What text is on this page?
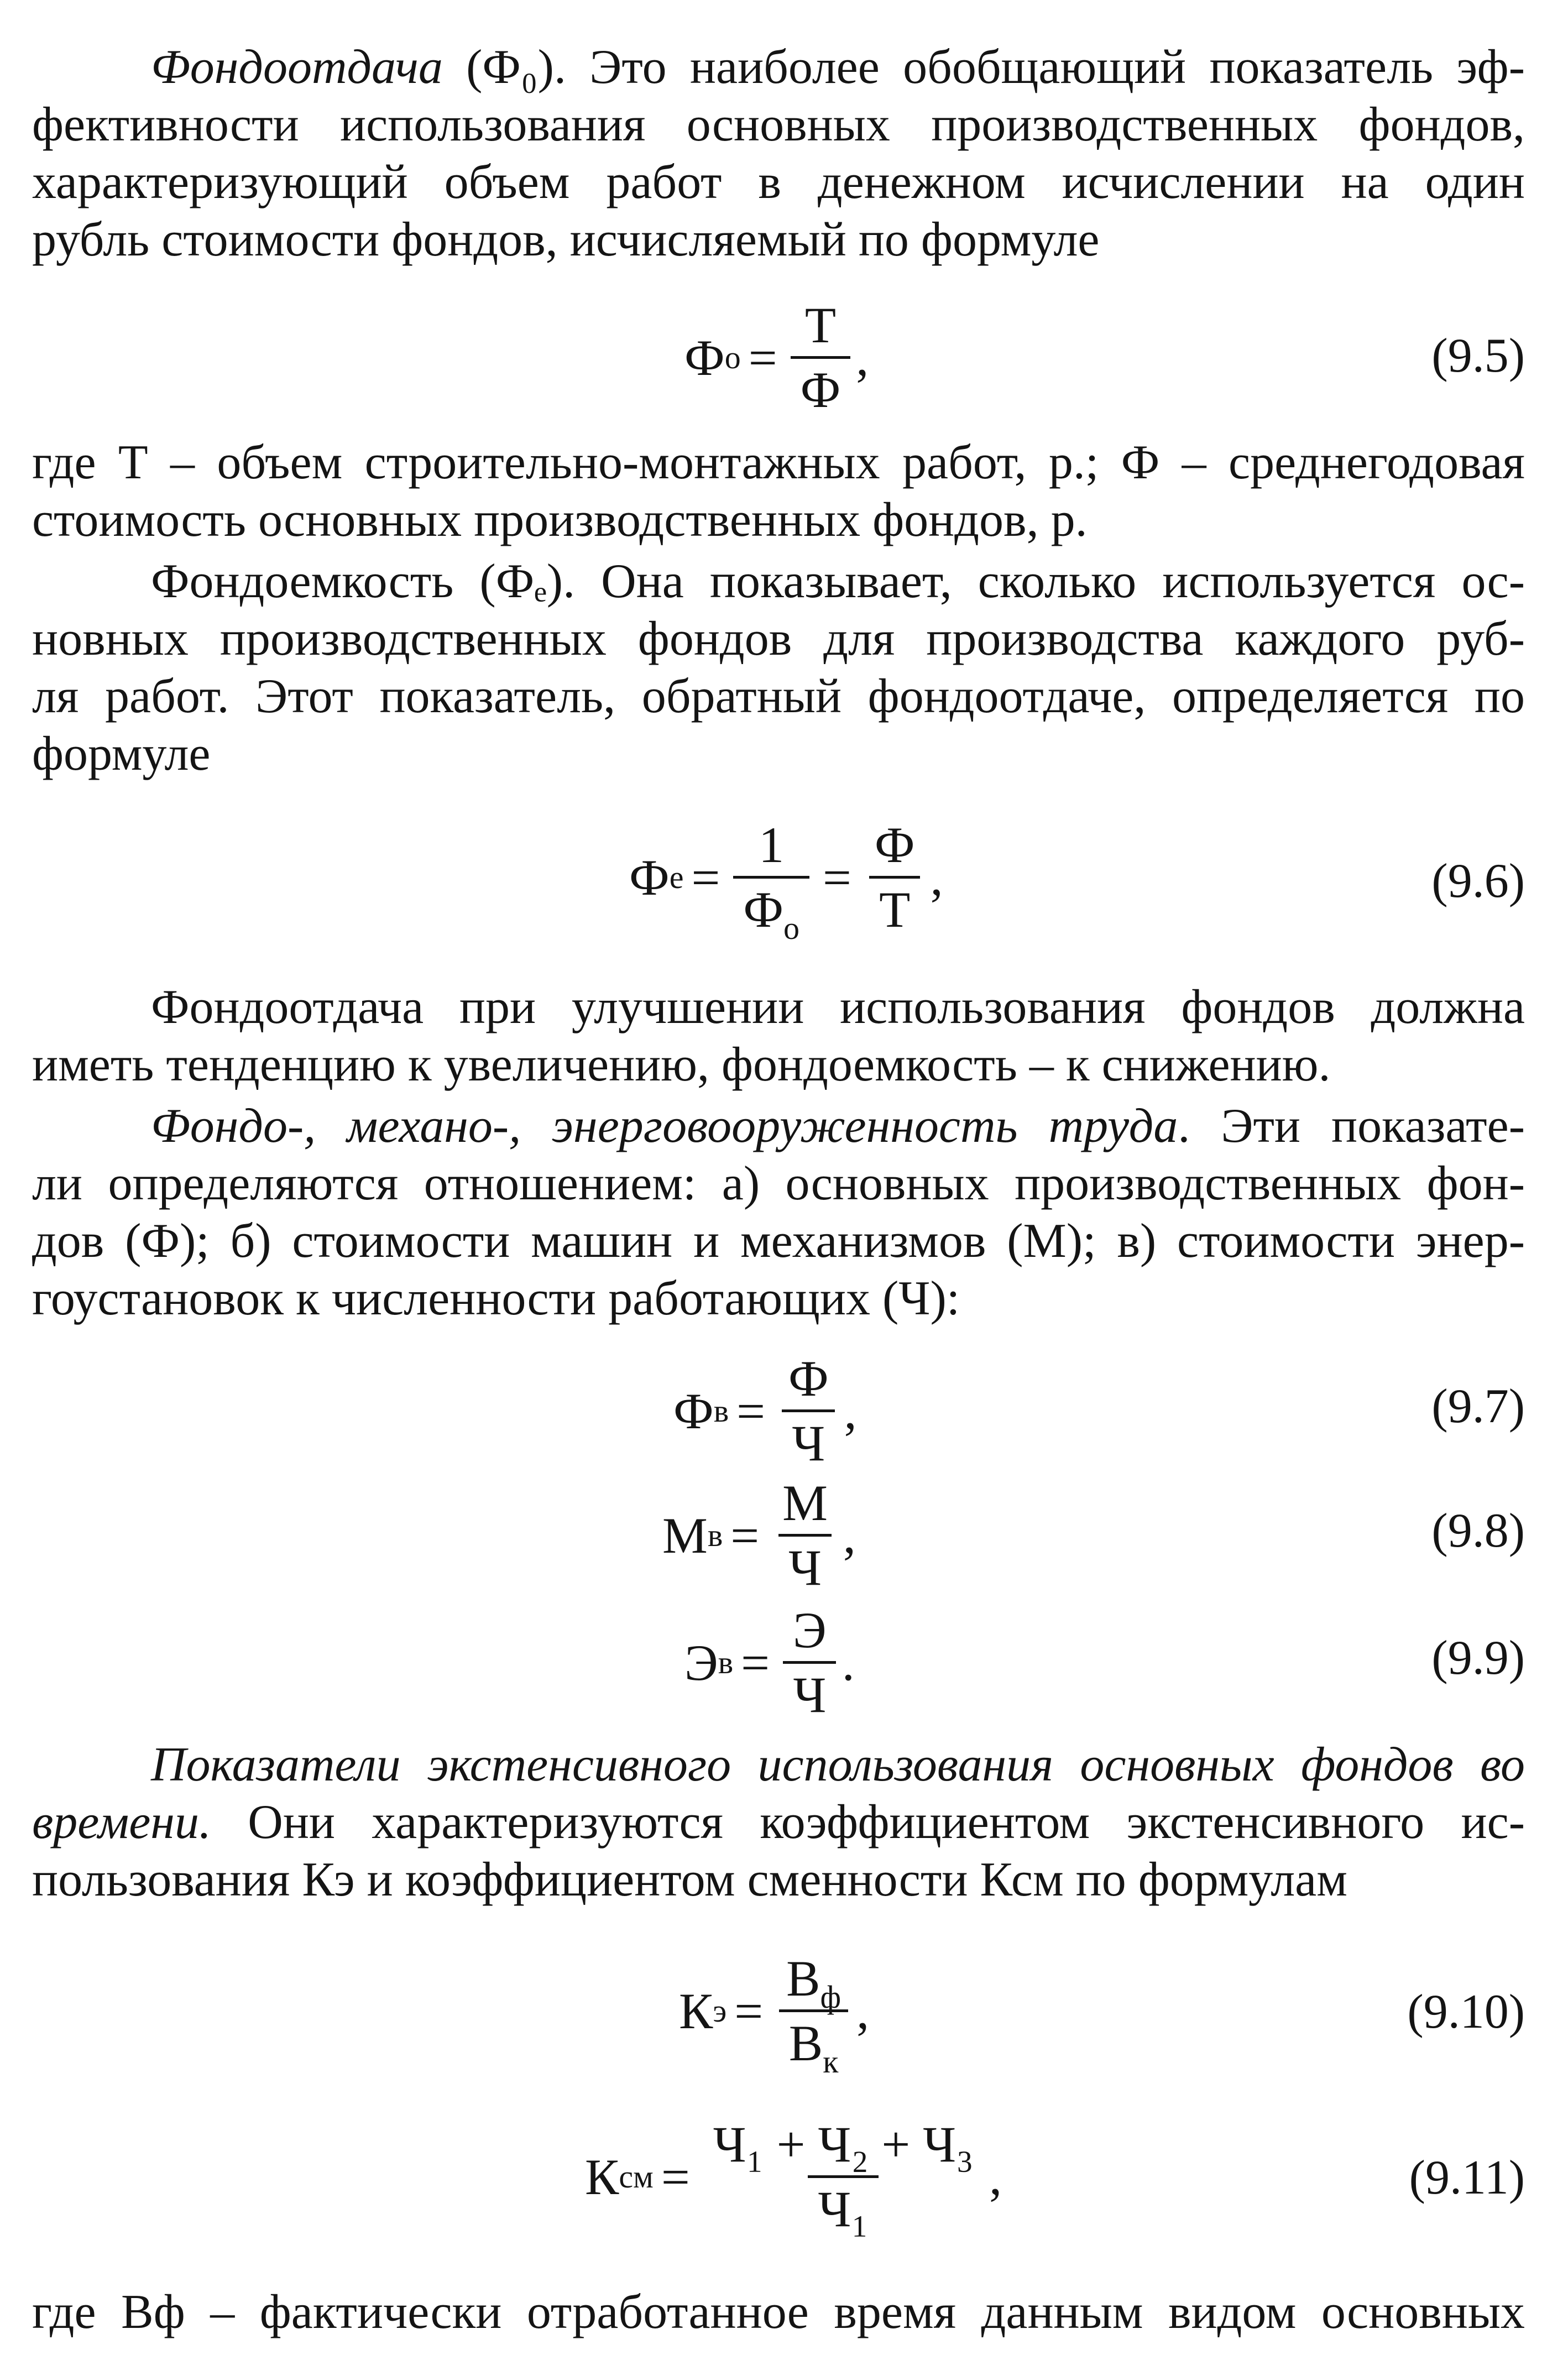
Фондоотдача (Ф₀). Это наиболее обобщающий показатель эф-
фективности использования основных производственных фондов,
характеризующий объем работ в денежном исчислении на один
рубль стоимости фондов, исчисляемый по формуле
Ф $о = \frac{Т}{Ф}$ ,	(9.5)
где Т – объем строительно-монтажных работ, р.; Ф – среднегодовая
стоимость основных производственных фондов, р.
Фондоемкость (Фₑ). Она показывает, сколько используется ос-
новных производственных фондов для производства каждого руб-
ля работ. Этот показатель, обратный фондоотдаче, определяется по
формуле
Ф $е = \frac{1}{Ф_о} = \frac{Ф}{Т}$ ,	(9.6)
Фондоотдача при улучшении использования фондов должна
иметь тенденцию к увеличению, фондоемкость – к снижению.
Фондо-, механо-, энерговооруженность труда. Эти показате-
ли определяются отношением: а) основных производственных фон-
дов (Ф); б) стоимости машин и механизмов (М); в) стоимости энер-
гоустановок к численности работающих (Ч):
Ф $в = \frac{Ф}{Ч}$ ,	(9.7)
М $в = \frac{М}{Ч}$ ,	(9.8)
Э $в = \frac{Э}{Ч}$ .	(9.9)
Показатели экстенсивного использования основных фондов во
времени. Они характеризуются коэффициентом экстенсивного ис-
пользования Кэ и коэффициентом сменности Ксм по формулам
К $э = \frac{В_ф}{В_к}$ ,	(9.10)
К см = $\frac{\text{Ч₁ + Ч₂ + Ч₃}}{\text{Ч₁}}$ ,	(9.11)
где Вф – фактически отработанное время данным видом основных
